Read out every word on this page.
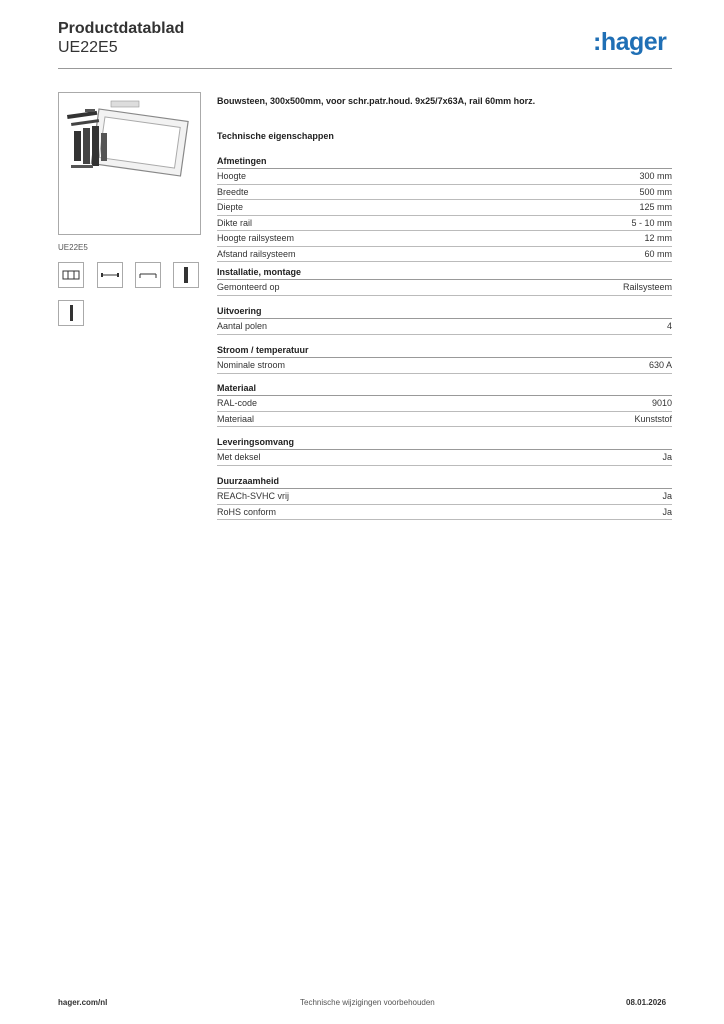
Productdatablad
UE22E5	:hager
UE22E5
Bouwsteen, 300x500mm, voor schr.patr.houd. 9x25/7x63A, rail 60mm horz.
Technische eigenschappen
Afmetingen
Hoogte	300 mm
Breedte	500 mm
Diepte	125 mm
Dikte rail	5 - 10 mm
Hoogte railsysteem	12 mm
Afstand railsysteem	60 mm
Installatie, montage
Gemonteerd op	Railsysteem
Uitvoering
Aantal polen	4
Stroom / temperatuur
Nominale stroom	630 A
Materiaal
RAL-code	9010
Materiaal	Kunststof
Leveringsomvang
Met deksel	Ja
Duurzaamheid
REACh-SVHC vrij	Ja
RoHS conform	Ja
hager.com/nl	Technische wijzigingen voorbehouden	08.01.2026
